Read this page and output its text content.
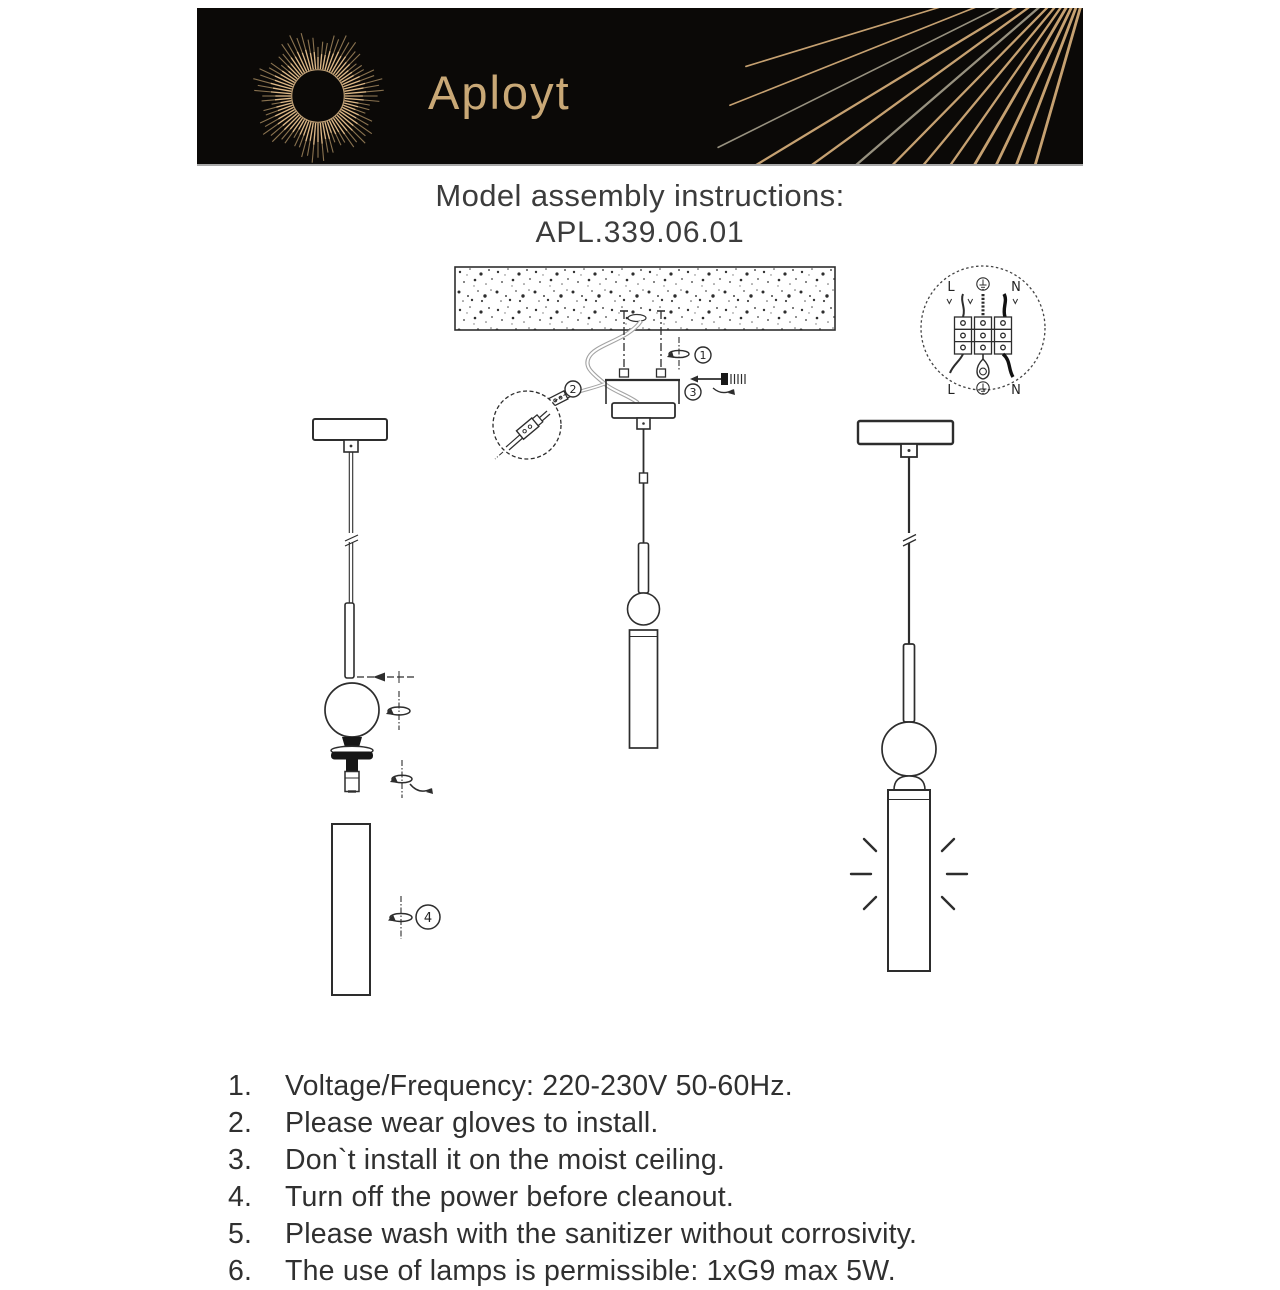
Aployt
Model assembly instructions:
APL.339.06.01
1
2	3
L	N
L	N
4
1.	Voltage/Frequency: 220-230V 50-60Hz.
2.	Please wear gloves to install.
3.	Don`t install it on the moist ceiling.
4.	Turn off the power before cleanout.
5.	Please wash with the sanitizer without corrosivity.
6.	The use of lamps is permissible: 1xG9 max 5W.
